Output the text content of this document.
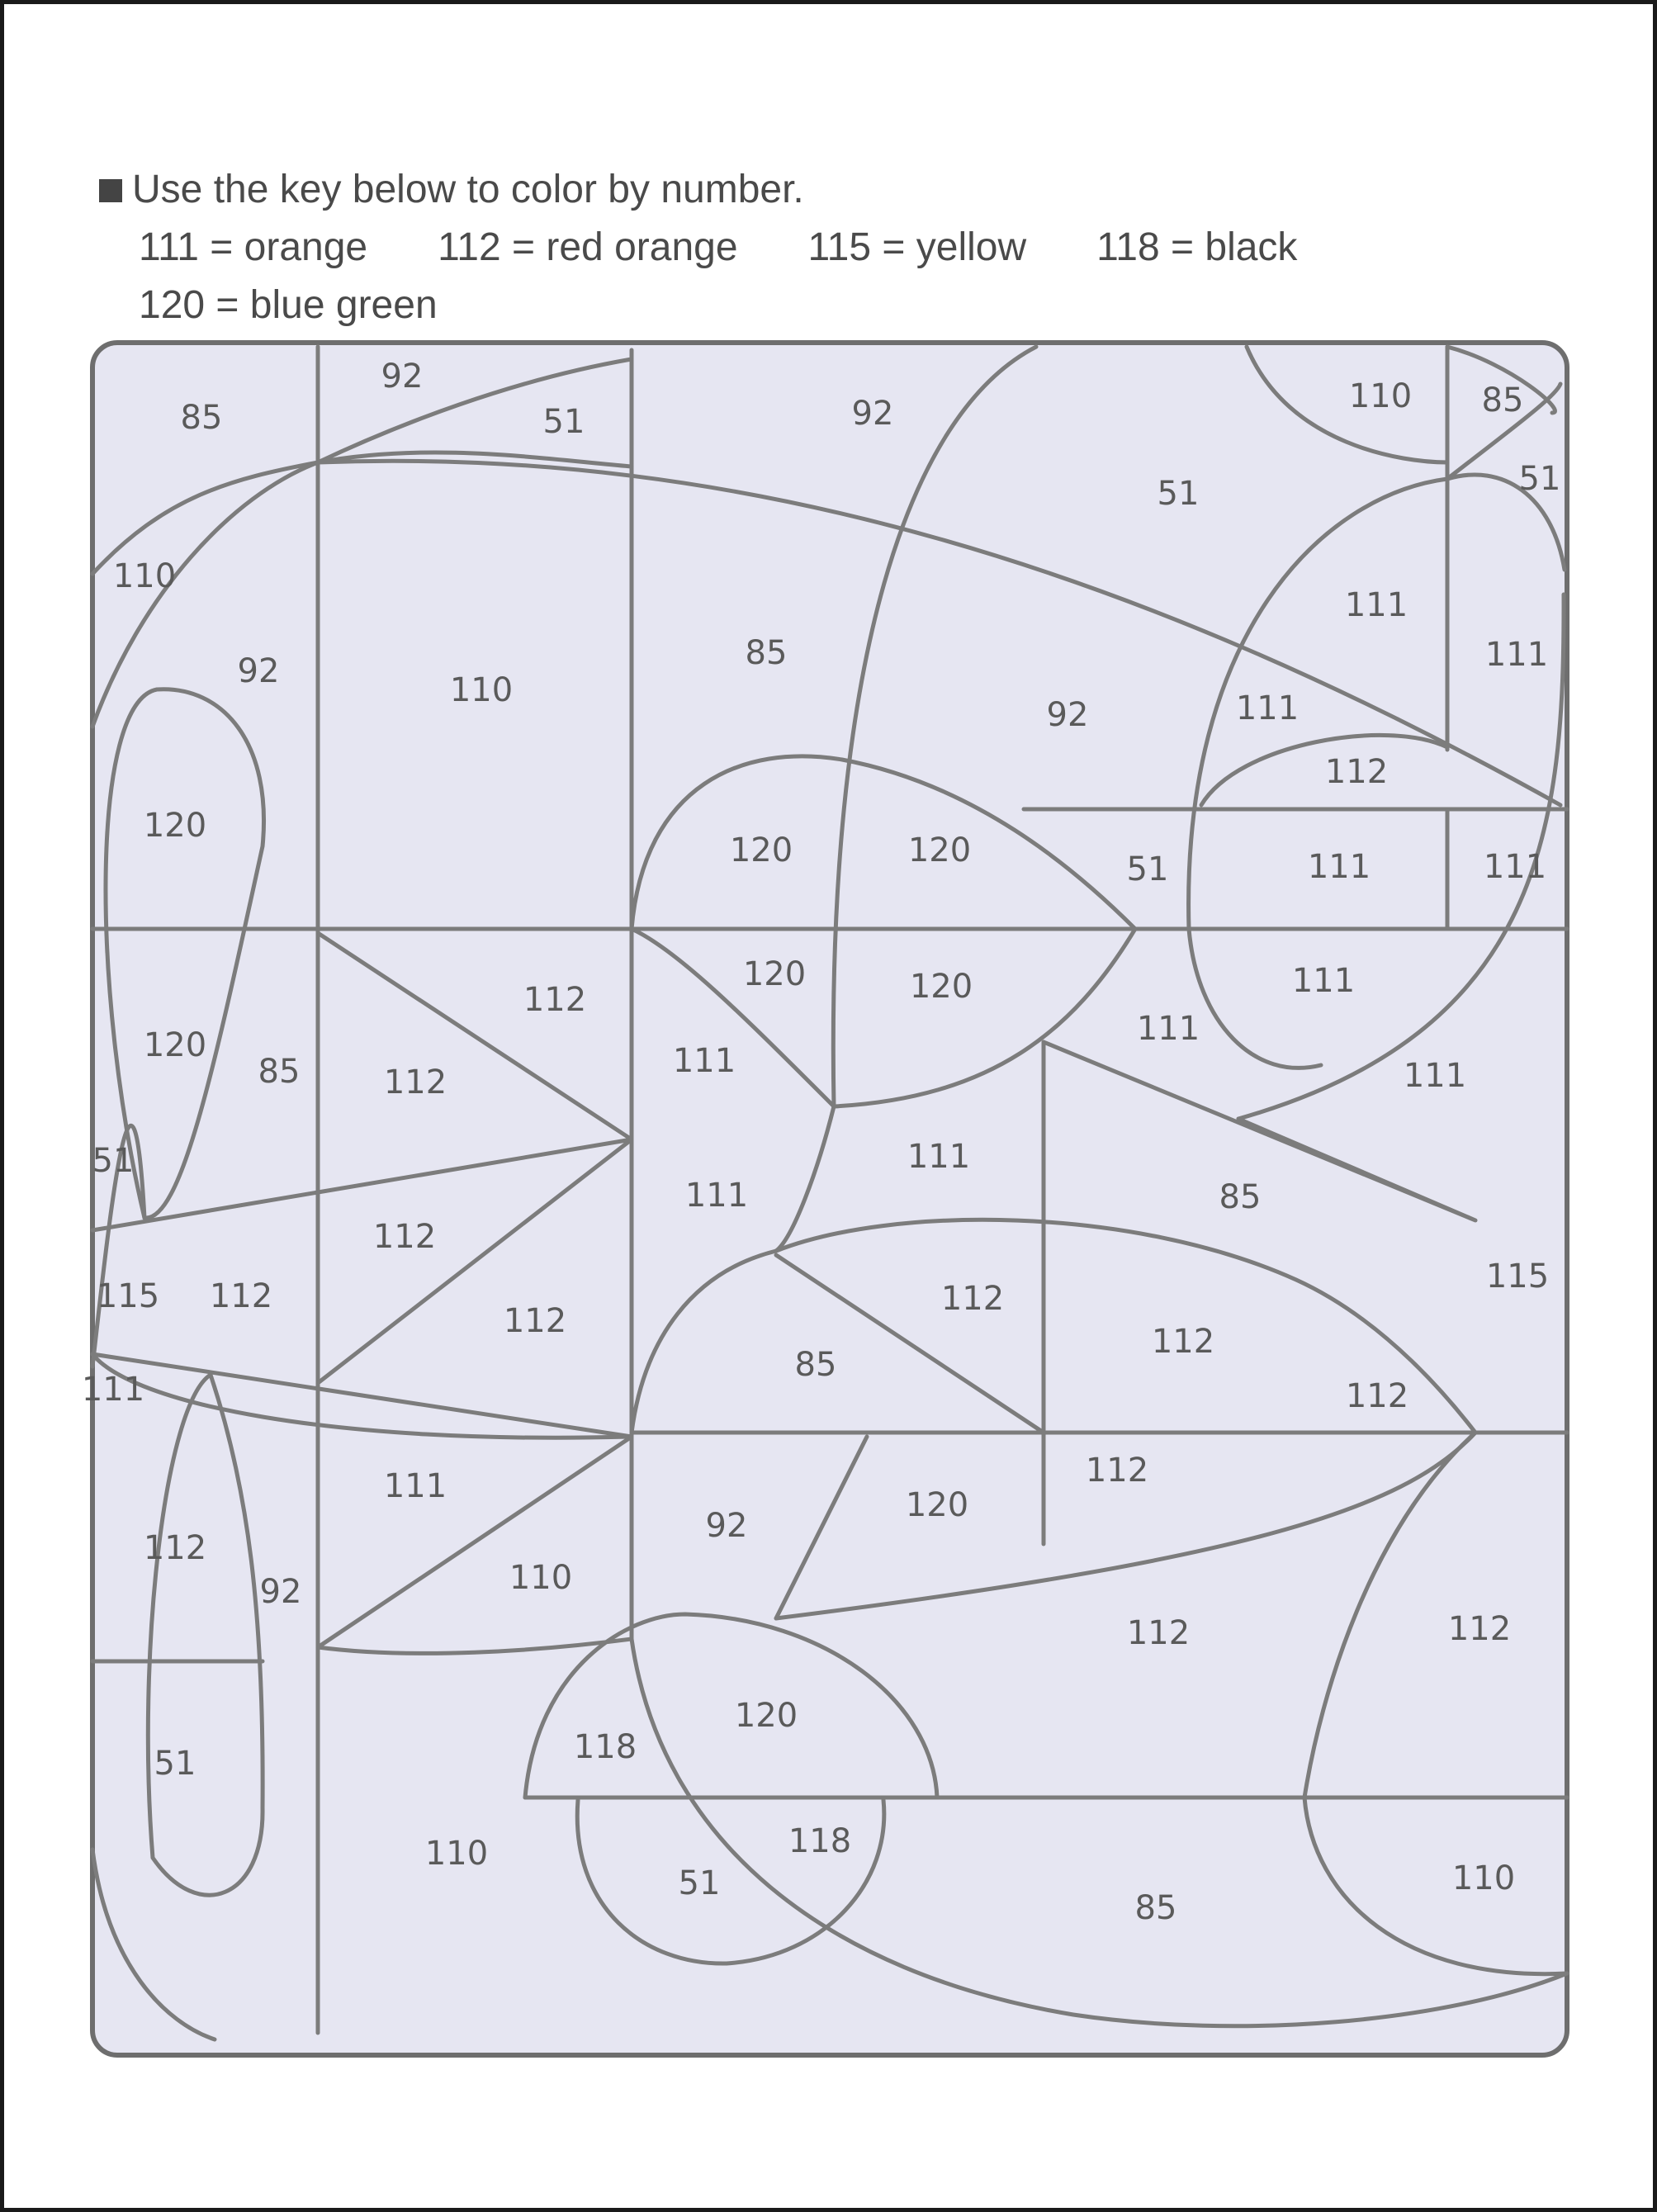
Use the key below to color by number.
111 = orange 112 = red orange 115 = yellow 118 = black
120 = blue green
85
92
51	92	110 85
51	51
110
92	110
85
111
111
92	111
120
112
120	120	51	111	111
120	120
120
111
112
85	112
111
111
51
111
111
111
112
85
115
115 112
112
112
112
85
112
111
111	112
120
92
112
92	110
112	112
120
118
51
118
110
51	110
85
